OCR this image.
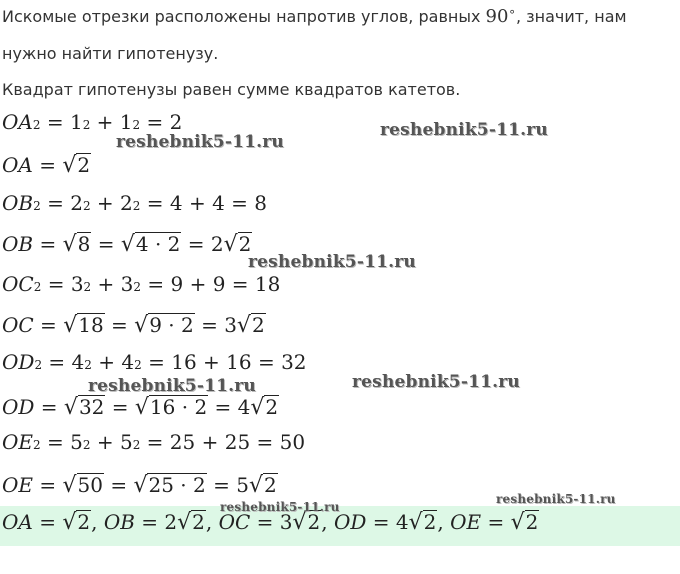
Искомые отрезки расположены напротив углов, равных 90∘, значит, нам
нужно найти гипотенузу.
Квадрат гипотенузы равен сумме квадратов катетов.
OA 2 = 1 2 + 1 2 = 2
OA = √ 2
OB 2 = 2 2 + 2 2 = 4 + 4 = 8
OB = √ 8 = √ 4 · 2 = 2 √ 2
OC 2 = 3 2 + 3 2 = 9 + 9 = 18
OC = √ 18 = √ 9 · 2 = 3 √ 2
OD 2 = 4 2 + 4 2 = 16 + 16 = 32
OD = √ 32 = √ 16 · 2 = 4 √ 2
OE 2 = 5 2 + 5 2 = 25 + 25 = 50
OE = √ 50 = √ 25 · 2 = 5 √ 2
OA = √ 2 , OB = 2 √ 2 , OC = 3 √ 2 , OD = 4 √ 2 , OE = √ 2
reshebnik5-11.ru
reshebnik5-11.ru
reshebnik5-11.ru
reshebnik5-11.ru	reshebnik5-11.ru
reshebnik5-11.ru
reshebnik5-11.ru
